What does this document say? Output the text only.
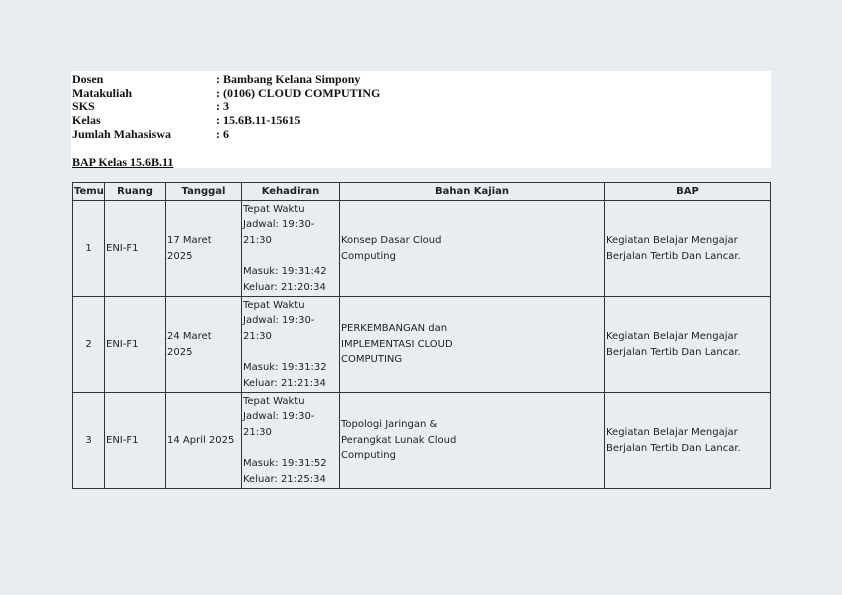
Dosen	: Bambang Kelana Simpony
Matakuliah	: (0106) CLOUD COMPUTING
SKS	: 3
Kelas	: 15.6B.11-15615
Jumlah Mahasiswa	: 6
BAP Kelas 15.6B.11
Temu	Ruang	Tanggal	Kehadiran	Bahan Kajian	BAP
1	ENI-F1	17 Maret 2025	Tepat Waktu
Jadwal: 19:30-21:30
Masuk: 19:31:42
Keluar: 21:20:34	Konsep Dasar Cloud Computing	Kegiatan Belajar Mengajar Berjalan Tertib Dan Lancar.
2	ENI-F1	24 Maret 2025	Tepat Waktu
Jadwal: 19:30-21:30
Masuk: 19:31:32
Keluar: 21:21:34	PERKEMBANGAN dan IMPLEMENTASI CLOUD COMPUTING	Kegiatan Belajar Mengajar Berjalan Tertib Dan Lancar.
3	ENI-F1	14 April 2025	Tepat Waktu
Jadwal: 19:30-21:30
Masuk: 19:31:52
Keluar: 21:25:34	Topologi Jaringan & Perangkat Lunak Cloud Computing	Kegiatan Belajar Mengajar Berjalan Tertib Dan Lancar.
